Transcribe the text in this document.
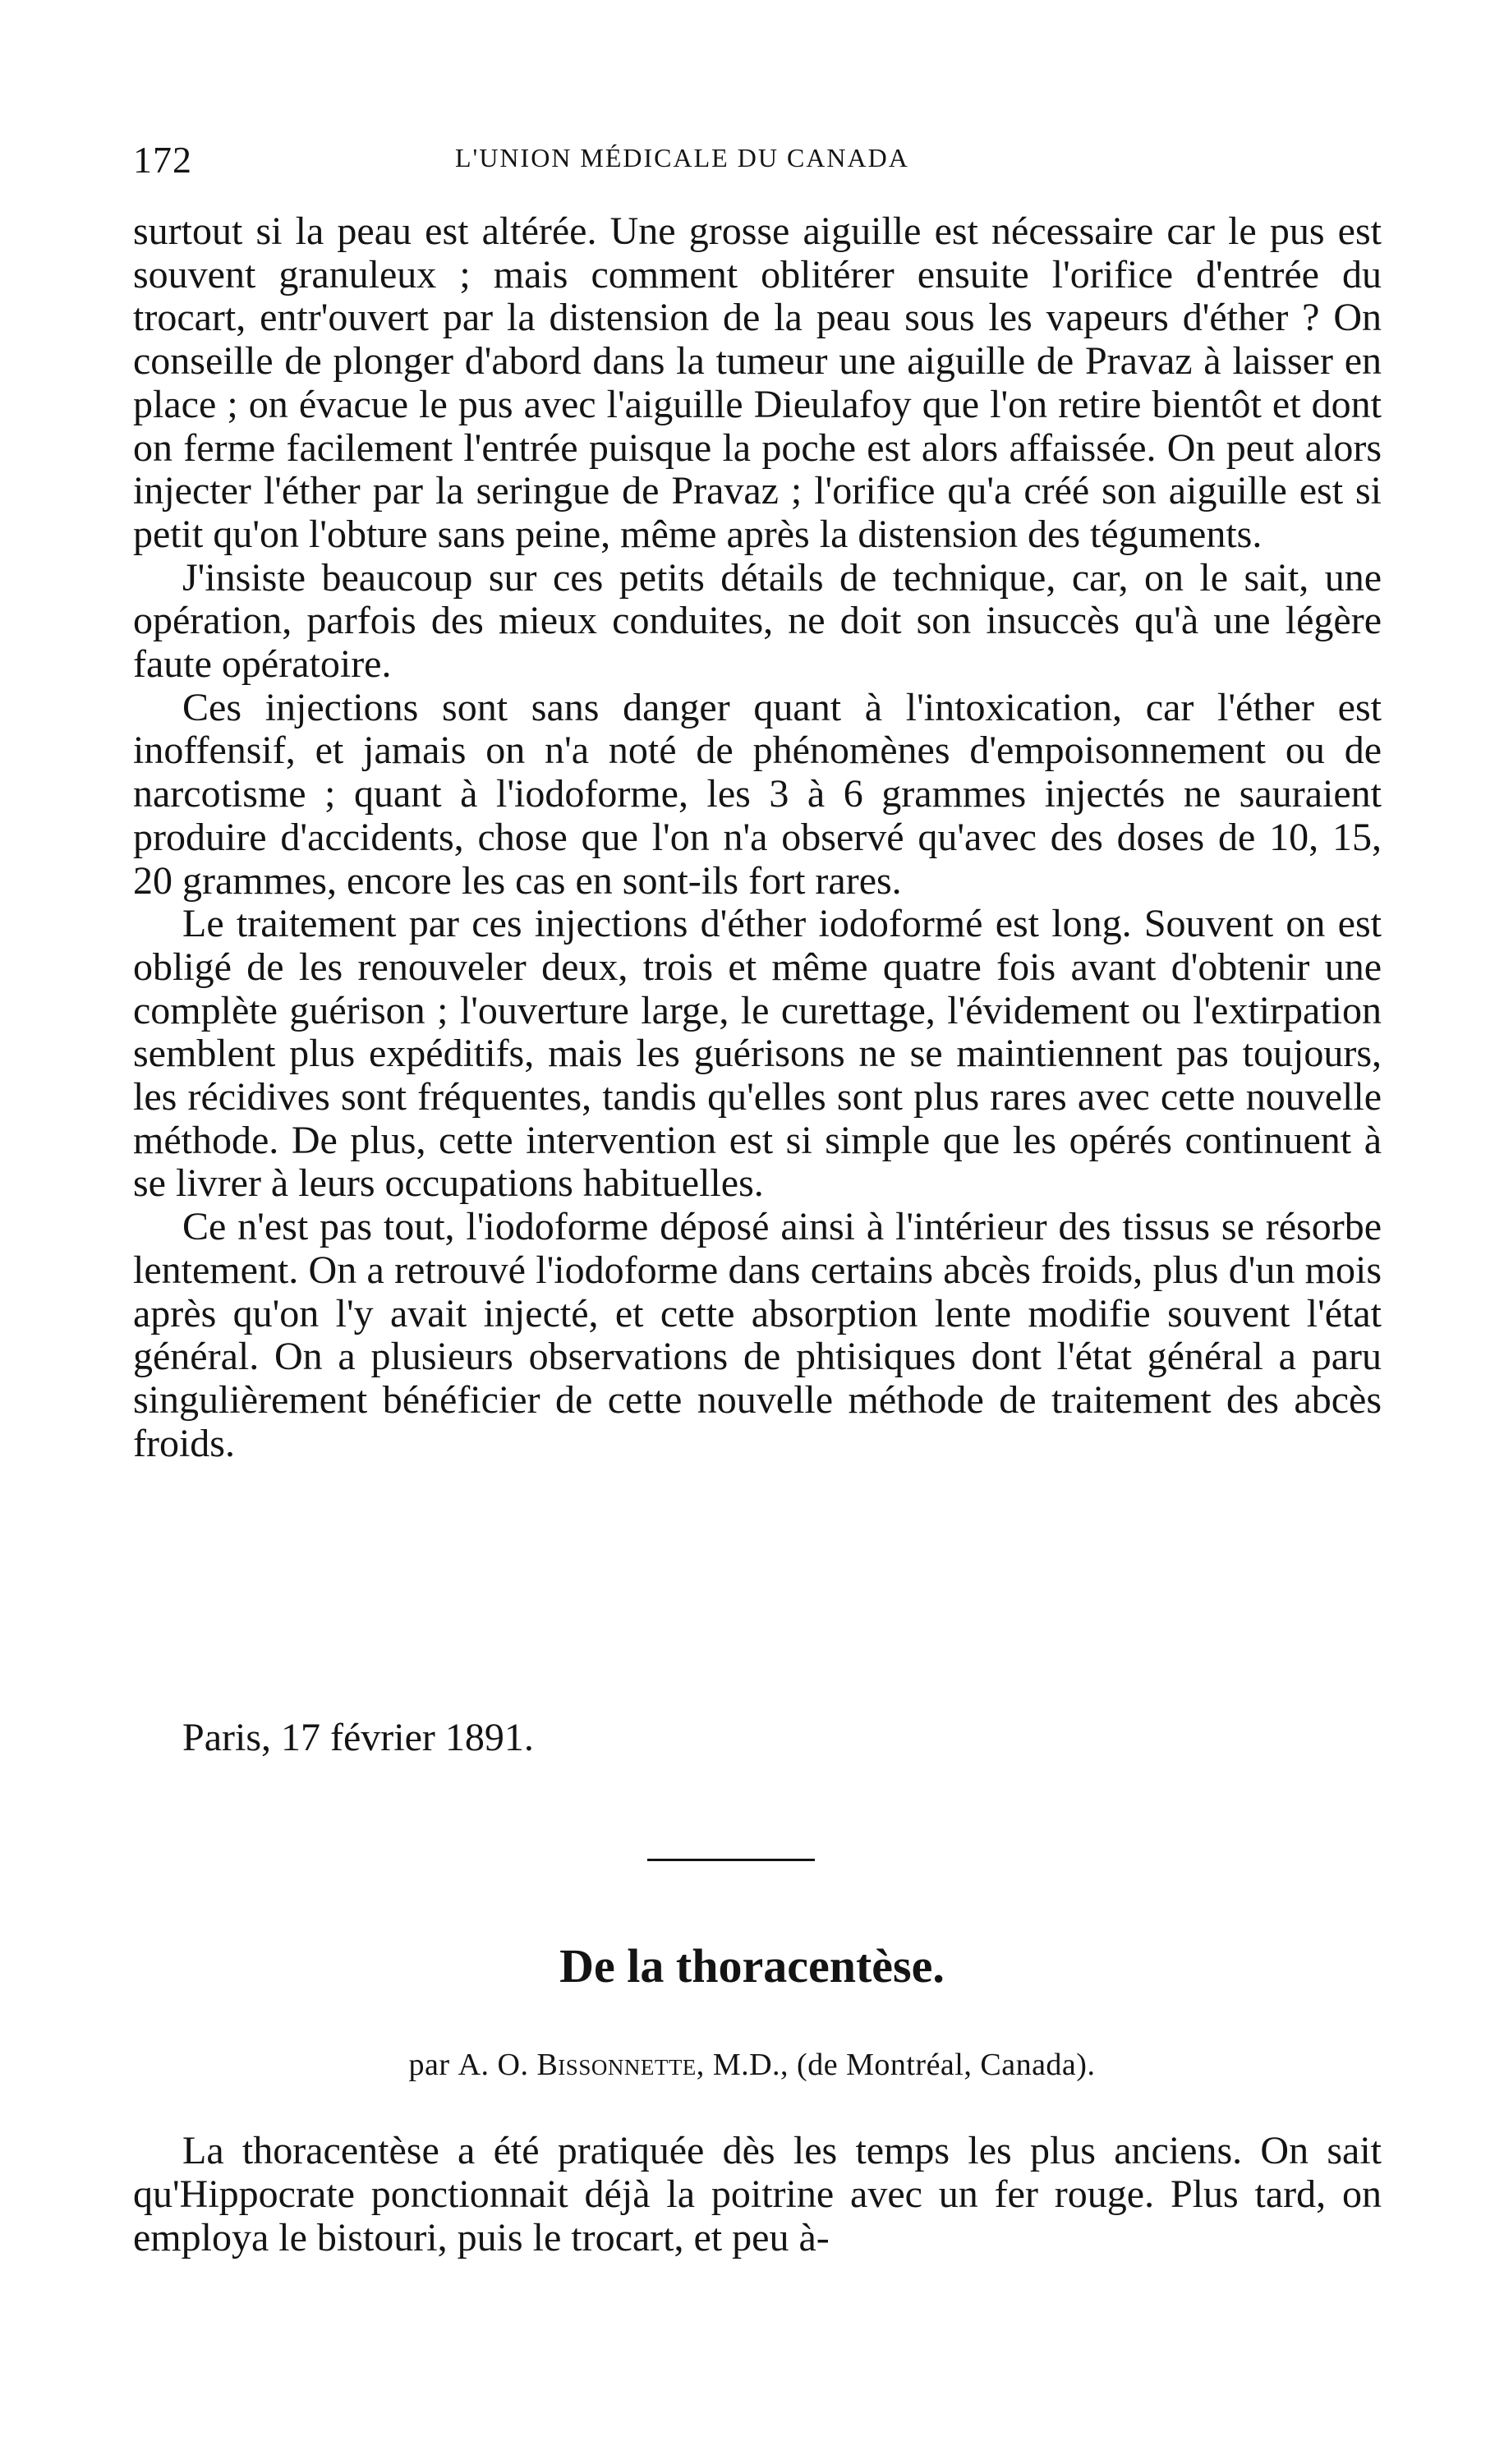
172	L'UNION MÉDICALE DU CANADA

surtout si la peau est altérée. Une grosse aiguille est nécessaire car le pus est souvent granuleux ; mais comment oblitérer ensuite l'orifice d'entrée du trocart, entr'ouvert par la distension de la peau sous les vapeurs d'éther ? On conseille de plonger d'abord dans la tumeur une aiguille de Pravaz à laisser en place ; on évacue le pus avec l'aiguille Dieulafoy que l'on retire bientôt et dont on ferme facilement l'entrée puisque la poche est alors affaissée. On peut alors injecter l'éther par la seringue de Pravaz ; l'orifice qu'a créé son aiguille est si petit qu'on l'obture sans peine, même après la distension des téguments.

J'insiste beaucoup sur ces petits détails de technique, car, on le sait, une opération, parfois des mieux conduites, ne doit son insuccès qu'à une légère faute opératoire.

Ces injections sont sans danger quant à l'intoxication, car l'éther est inoffensif, et jamais on n'a noté de phénomènes d'empoisonnement ou de narcotisme ; quant à l'iodoforme, les 3 à 6 grammes injectés ne sauraient produire d'accidents, chose que l'on n'a observé qu'avec des doses de 10, 15, 20 grammes, encore les cas en sont-ils fort rares.

Le traitement par ces injections d'éther iodoformé est long. Souvent on est obligé de les renouveler deux, trois et même quatre fois avant d'obtenir une complète guérison ; l'ouverture large, le curettage, l'évidement ou l'extirpation semblent plus expéditifs, mais les guérisons ne se maintiennent pas toujours, les récidives sont fréquentes, tandis qu'elles sont plus rares avec cette nouvelle méthode. De plus, cette intervention est si simple que les opérés continuent à se livrer à leurs occupations habituelles.

Ce n'est pas tout, l'iodoforme déposé ainsi à l'intérieur des tissus se résorbe lentement. On a retrouvé l'iodoforme dans certains abcès froids, plus d'un mois après qu'on l'y avait injecté, et cette absorption lente modifie souvent l'état général. On a plusieurs observations de phtisiques dont l'état général a paru singulièrement bénéficier de cette nouvelle méthode de traitement des abcès froids.

Paris, 17 février 1891.
De la thoracentèse.
par A. O. Bissonnette, M.D., (de Montréal, Canada).

La thoracentèse a été pratiquée dès les temps les plus anciens. On sait qu'Hippocrate ponctionnait déjà la poitrine avec un fer rouge. Plus tard, on employa le bistouri, puis le trocart, et peu à-
